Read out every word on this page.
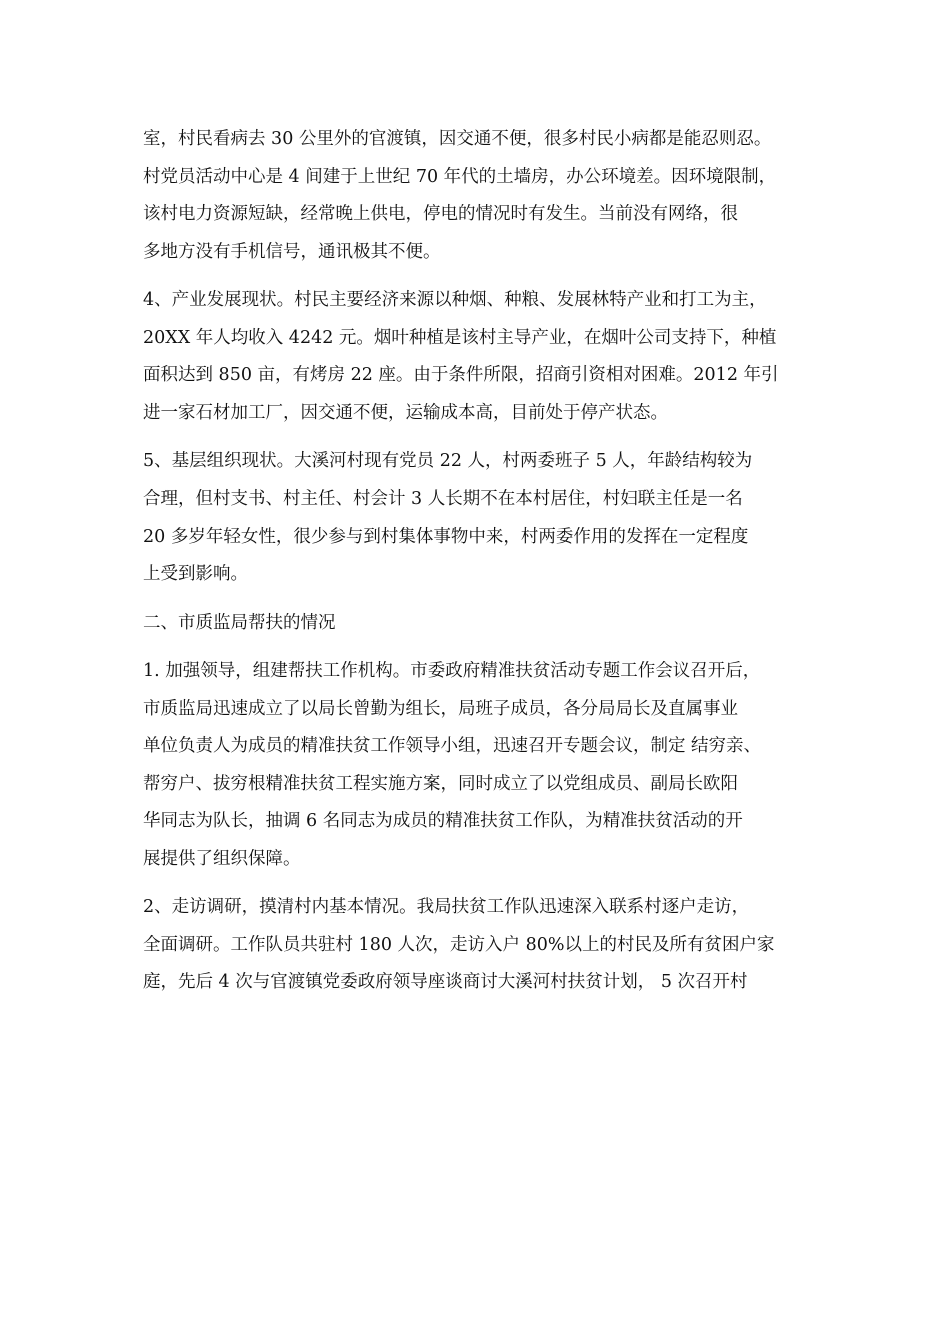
室，村民看病去 30 公里外的官渡镇，因交通不便，很多村民小病都是能忍则忍。
村党员活动中心是 4 间建于上世纪 70 年代的土墙房，办公环境差。因环境限制，
该村电力资源短缺，经常晚上供电，停电的情况时有发生。当前没有网络，很
多地方没有手机信号，通讯极其不便。
4、产业发展现状。村民主要经济来源以种烟、种粮、发展林特产业和打工为主，
20XX 年人均收入 4242 元。烟叶种植是该村主导产业，在烟叶公司支持下，种植
面积达到 850 亩，有烤房 22 座。由于条件所限，招商引资相对困难。2012 年引
进一家石材加工厂，因交通不便，运输成本高，目前处于停产状态。
5、基层组织现状。大溪河村现有党员 22 人，村两委班子 5 人，年龄结构较为
合理，但村支书、村主任、村会计 3 人长期不在本村居住，村妇联主任是一名
20 多岁年轻女性，很少参与到村集体事物中来，村两委作用的发挥在一定程度
上受到影响。
二、市质监局帮扶的情况
1. 加强领导，组建帮扶工作机构。市委政府精准扶贫活动专题工作会议召开后，
市质监局迅速成立了以局长曾勤为组长，局班子成员，各分局局长及直属事业
单位负责人为成员的精准扶贫工作领导小组，迅速召开专题会议，制定 结穷亲、
帮穷户、拔穷根精准扶贫工程实施方案，同时成立了以党组成员、副局长欧阳
华同志为队长，抽调 6 名同志为成员的精准扶贫工作队，为精准扶贫活动的开
展提供了组织保障。
2、走访调研，摸清村内基本情况。我局扶贫工作队迅速深入联系村逐户走访，
全面调研。工作队员共驻村 180 人次，走访入户 80%以上的村民及所有贫困户家
庭，先后 4 次与官渡镇党委政府领导座谈商讨大溪河村扶贫计划， 5 次召开村
